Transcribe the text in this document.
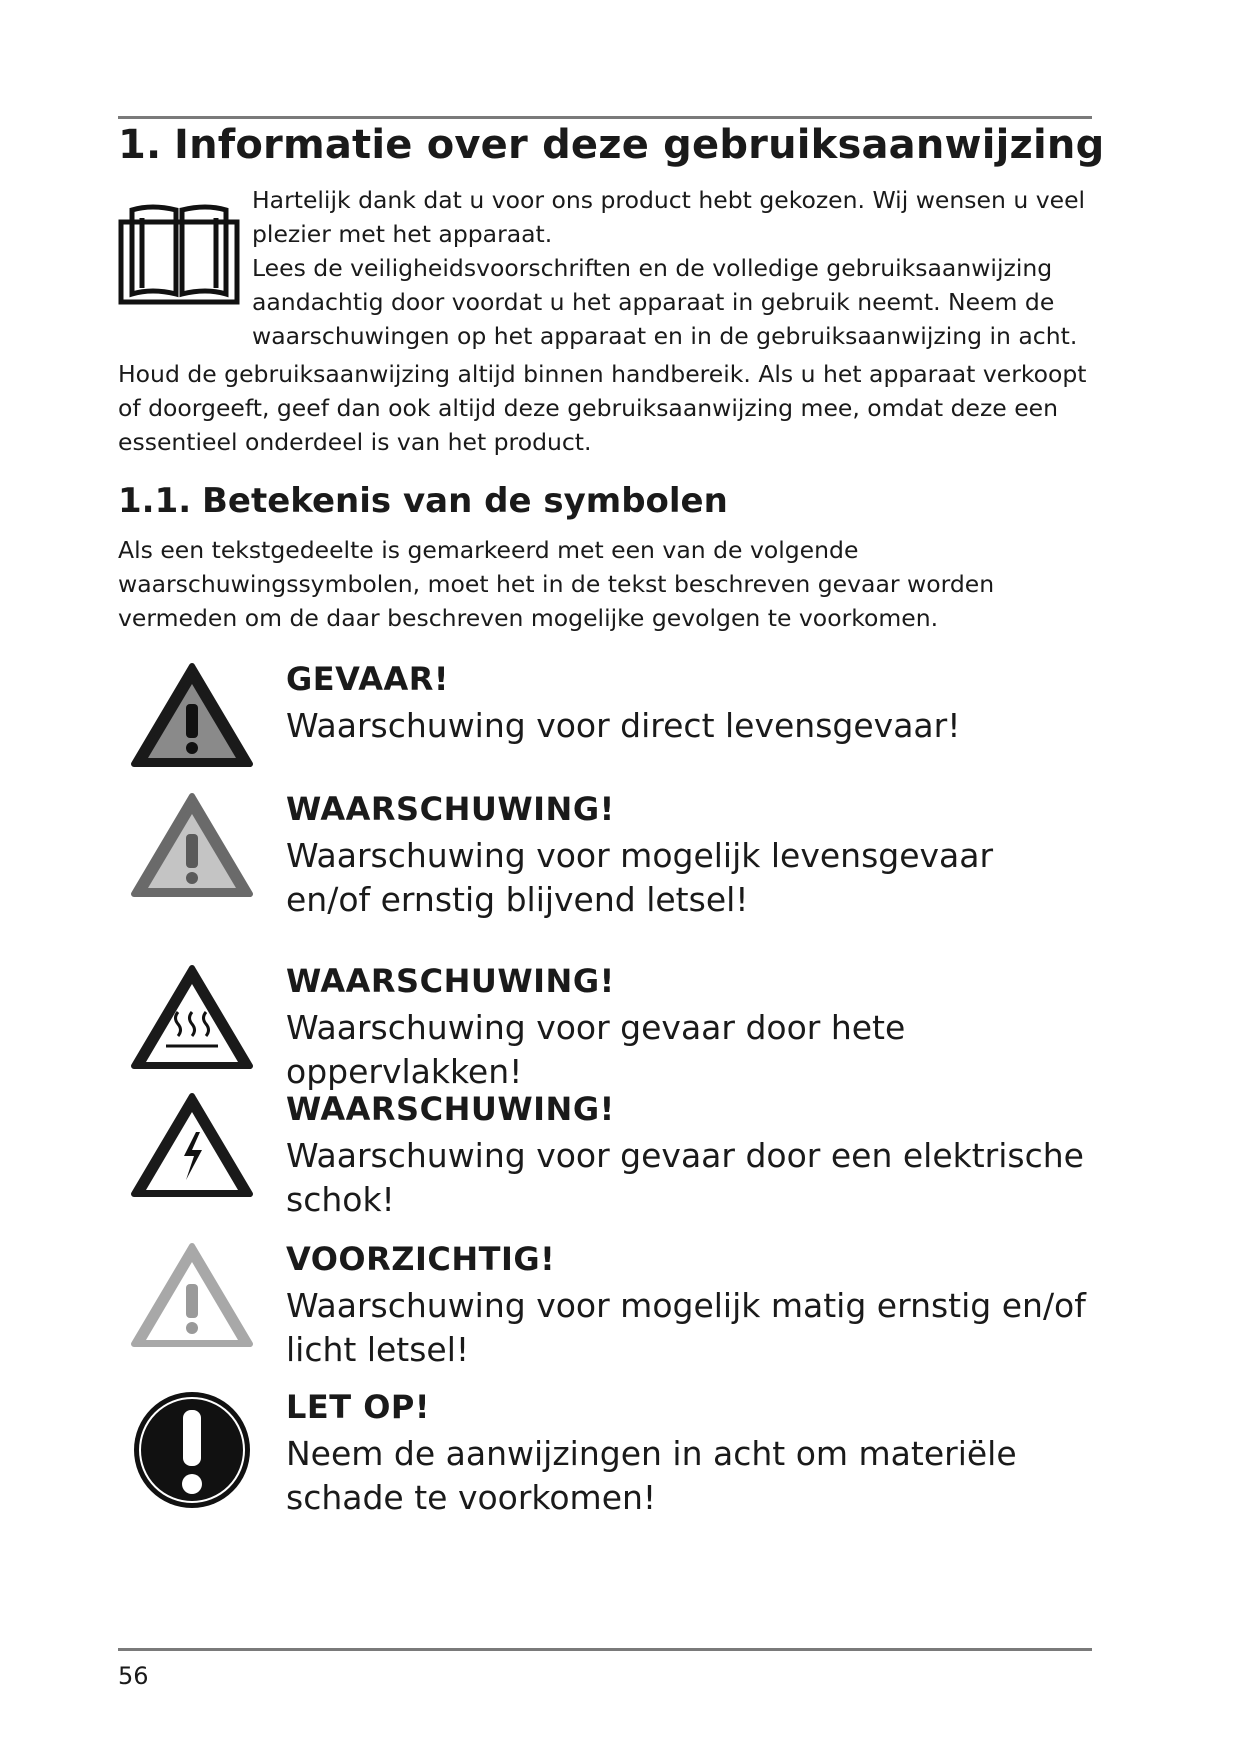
1. Informatie over deze gebruiksaanwijzing

Hartelijk dank dat u voor ons product hebt gekozen. Wij wensen u veel plezier met het apparaat.
Lees de veiligheidsvoorschriften en de volledige gebruiksaanwijzing aandachtig door voordat u het apparaat in gebruik neemt. Neem de waarschuwingen op het apparaat en in de gebruiksaanwijzing in acht.

Houd de gebruiksaanwijzing altijd binnen handbereik. Als u het apparaat verkoopt of doorgeeft, geef dan ook altijd deze gebruiksaanwijzing mee, omdat deze een essentieel onderdeel is van het product.

1.1. Betekenis van de symbolen

Als een tekstgedeelte is gemarkeerd met een van de volgende waarschuwingssymbolen, moet het in de tekst beschreven gevaar worden vermeden om de daar beschreven mogelijke gevolgen te voorkomen.

GEVAAR!

Waarschuwing voor direct levensgevaar!

WAARSCHUWING!

Waarschuwing voor mogelijk levensgevaar en/of ernstig blijvend letsel!

WAARSCHUWING!

Waarschuwing voor gevaar door hete oppervlakken!

WAARSCHUWING!

Waarschuwing voor gevaar door een elektrische schok!

VOORZICHTIG!

Waarschuwing voor mogelijk matig ernstig en/of licht letsel!

LET OP!

Neem de aanwijzingen in acht om materiële schade te voorkomen!

56
